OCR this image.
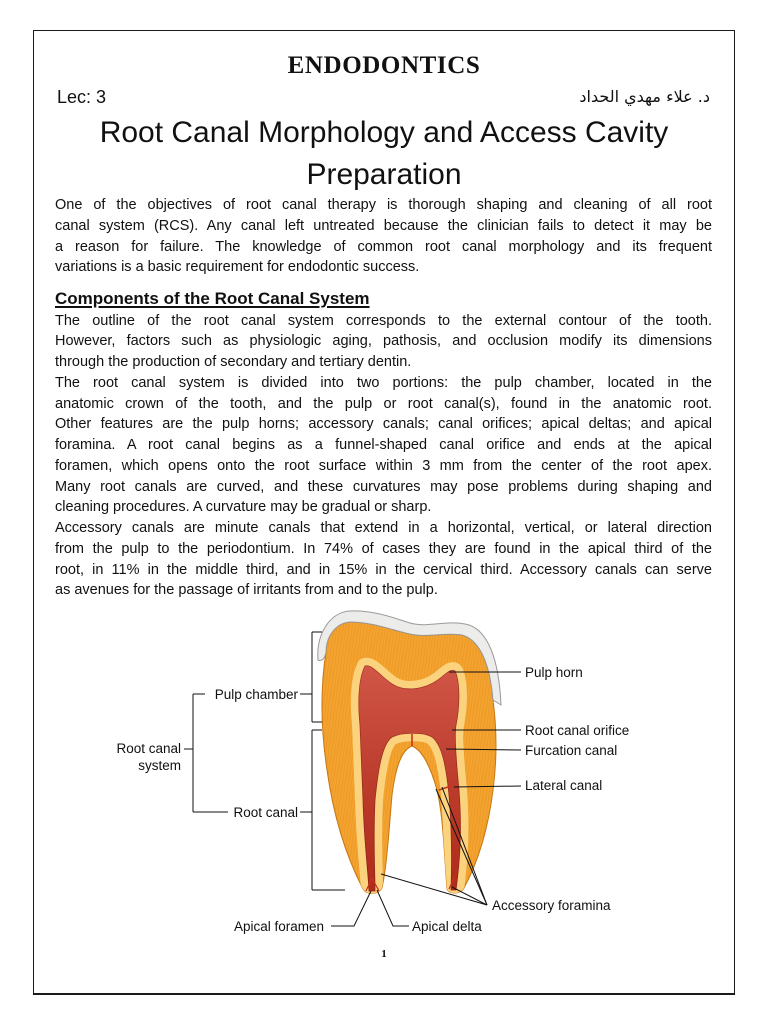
ENDODONTICS
Lec: 3	د. علاء مهدي الحداد
Root Canal Morphology and Access Cavity Preparation
One of the objectives of root canal therapy is thorough shaping and cleaning of all root
canal system (RCS). Any canal left untreated because the clinician fails to detect it may be
a reason for failure. The knowledge of common root canal morphology and its frequent
variations is a basic requirement for endodontic success.
Components of the Root Canal System
The outline of the root canal system corresponds to the external contour of the tooth.
However, factors such as physiologic aging, pathosis, and occlusion modify its dimensions
through the production of secondary and tertiary dentin.
The root canal system is divided into two portions: the pulp chamber, located in the
anatomic crown of the tooth, and the pulp or root canal(s), found in the anatomic root.
Other features are the pulp horns; accessory canals; canal orifices; apical deltas; and apical
foramina. A root canal begins as a funnel-shaped canal orifice and ends at the apical
foramen, which opens onto the root surface within 3 mm from the center of the root apex.
Many root canals are curved, and these curvatures may pose problems during shaping and
cleaning procedures. A curvature may be gradual or sharp.
Accessory canals are minute canals that extend in a horizontal, vertical, or lateral direction
from the pulp to the periodontium. In 74% of cases they are found in the apical third of the
root, in 11% in the middle third, and in 15% in the cervical third. Accessory canals can serve
as avenues for the passage of irritants from and to the pulp.
Pulp horn
Root canal orifice
Furcation canal
Lateral canal
Accessory foramina
Apical foramen	Apical delta
Pulp chamber
Root canal
Root canal
system
1
